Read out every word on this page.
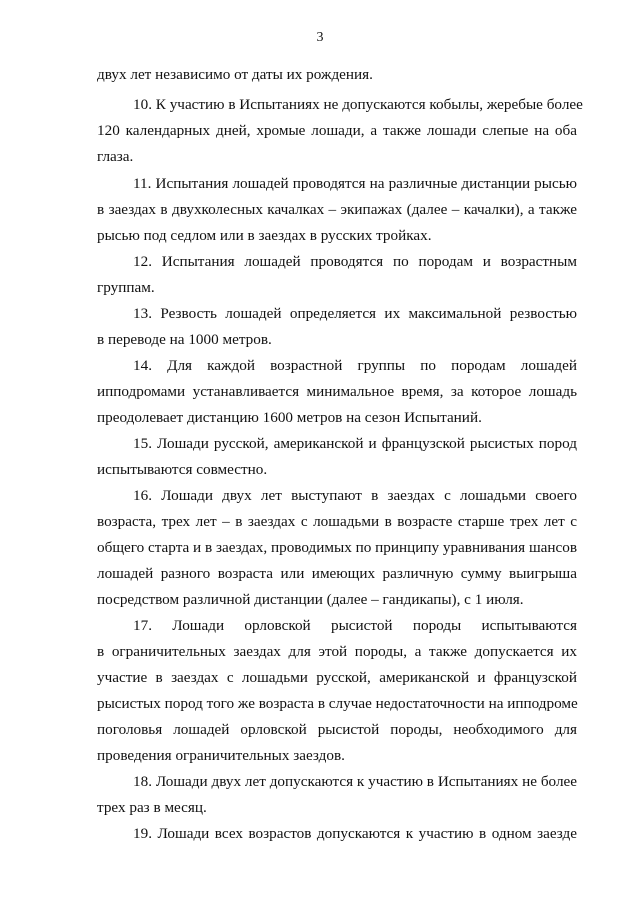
3
двух лет независимо от даты их рождения.
10. К участию в Испытаниях не допускаются кобылы, жеребые более
120 календарных дней, хромые лошади, а также лошади слепые на оба
глаза.
11. Испытания лошадей проводятся на различные дистанции рысью
в заездах в двухколесных качалках – экипажах (далее – качалки), а также
рысью под седлом или в заездах в русских тройках.
12. Испытания лошадей проводятся по породам и возрастным
группам.
13. Резвость лошадей определяется их максимальной резвостью
в переводе на 1000 метров.
14. Для каждой возрастной группы по породам лошадей
ипподромами устанавливается минимальное время, за которое лошадь
преодолевает дистанцию 1600 метров на сезон Испытаний.
15. Лошади русской, американской и французской рысистых пород
испытываются совместно.
16. Лошади двух лет выступают в заездах с лошадьми своего
возраста, трех лет – в заездах с лошадьми в возрасте старше трех лет с
общего старта и в заездах, проводимых по принципу уравнивания шансов
лошадей разного возраста или имеющих различную сумму выигрыша
посредством различной дистанции (далее – гандикапы), с 1 июля.
17. Лошади орловской рысистой породы испытываются
в ограничительных заездах для этой породы, а также допускается их
участие в заездах с лошадьми русской, американской и французской
рысистых пород того же возраста в случае недостаточности на ипподроме
поголовья лошадей орловской рысистой породы, необходимого для
проведения ограничительных заездов.
18. Лошади двух лет допускаются к участию в Испытаниях не более
трех раз в месяц.
19. Лошади всех возрастов допускаются к участию в одном заезде
